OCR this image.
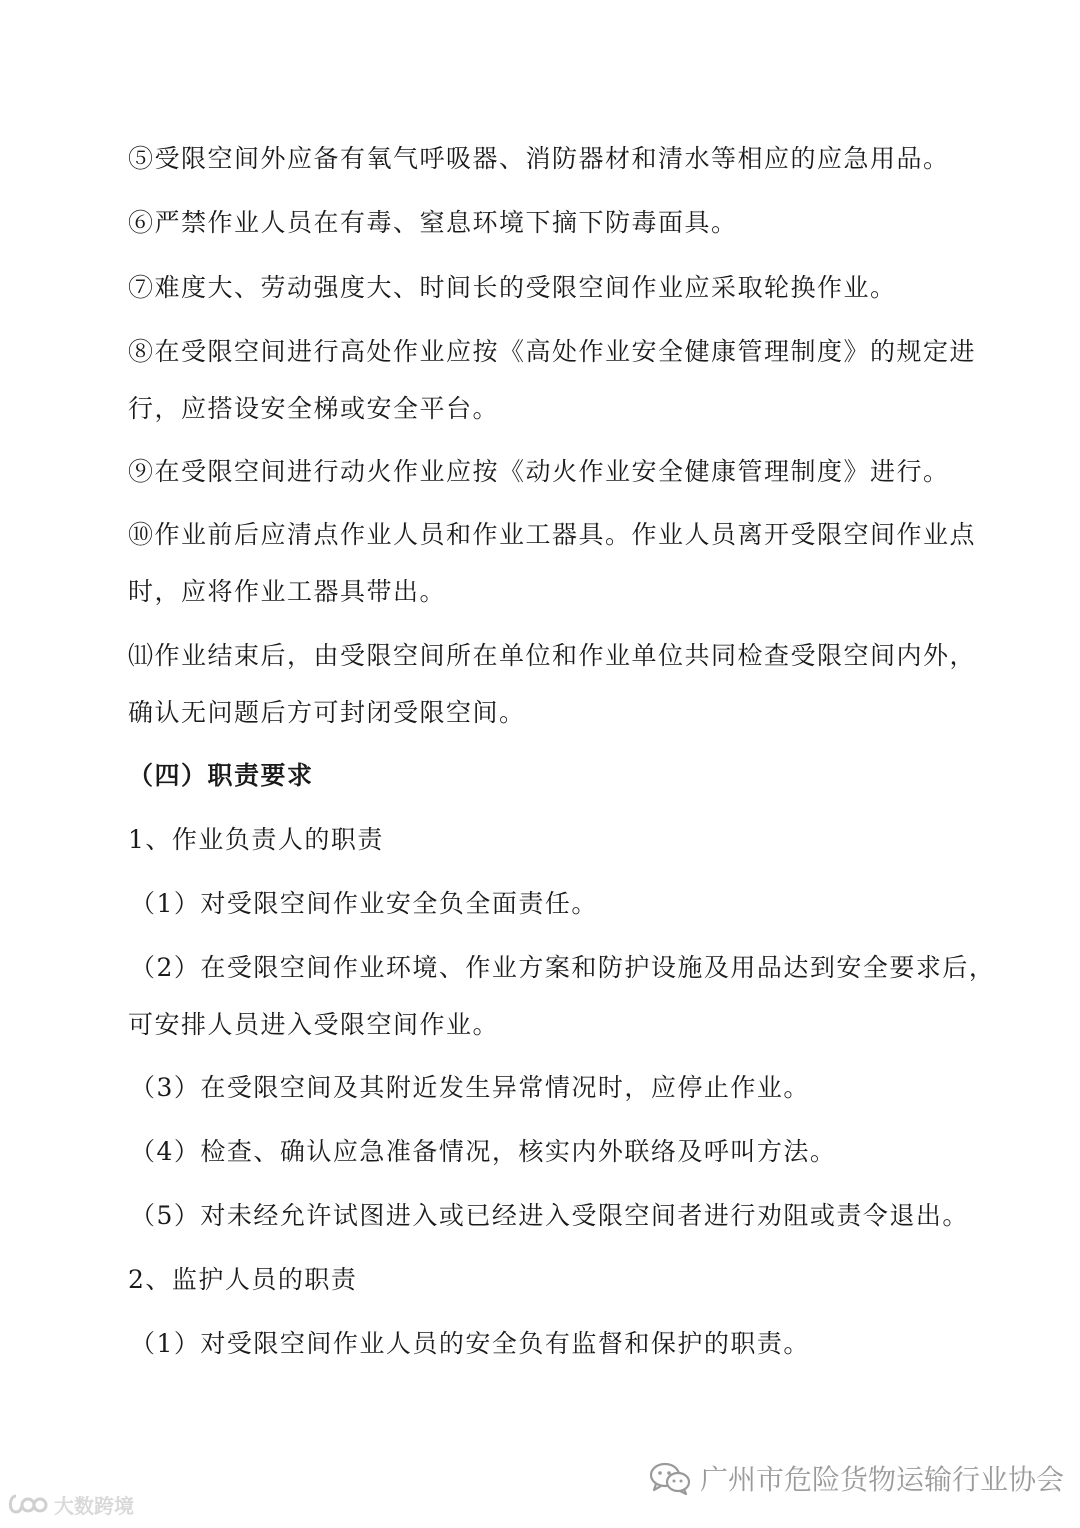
⑤受限空间外应备有氧气呼吸器、消防器材和清水等相应的应急用品。
⑥严禁作业人员在有毒、窒息环境下摘下防毒面具。
⑦难度大、劳动强度大、时间长的受限空间作业应采取轮换作业。
⑧在受限空间进行高处作业应按《高处作业安全健康管理制度》的规定进
行，应搭设安全梯或安全平台。
⑨在受限空间进行动火作业应按《动火作业安全健康管理制度》进行。
⑩作业前后应清点作业人员和作业工器具。作业人员离开受限空间作业点
时，应将作业工器具带出。
⑾作业结束后，由受限空间所在单位和作业单位共同检查受限空间内外，
确认无问题后方可封闭受限空间。
（四）职责要求
1、作业负责人的职责
（1）对受限空间作业安全负全面责任。
（2）在受限空间作业环境、作业方案和防护设施及用品达到安全要求后，
可安排人员进入受限空间作业。
（3）在受限空间及其附近发生异常情况时，应停止作业。
（4）检查、确认应急准备情况，核实内外联络及呼叫方法。
（5）对未经允许试图进入或已经进入受限空间者进行劝阻或责令退出。
2、监护人员的职责
（1）对受限空间作业人员的安全负有监督和保护的职责。
广州市危险货物运输行业协会
大数跨境
